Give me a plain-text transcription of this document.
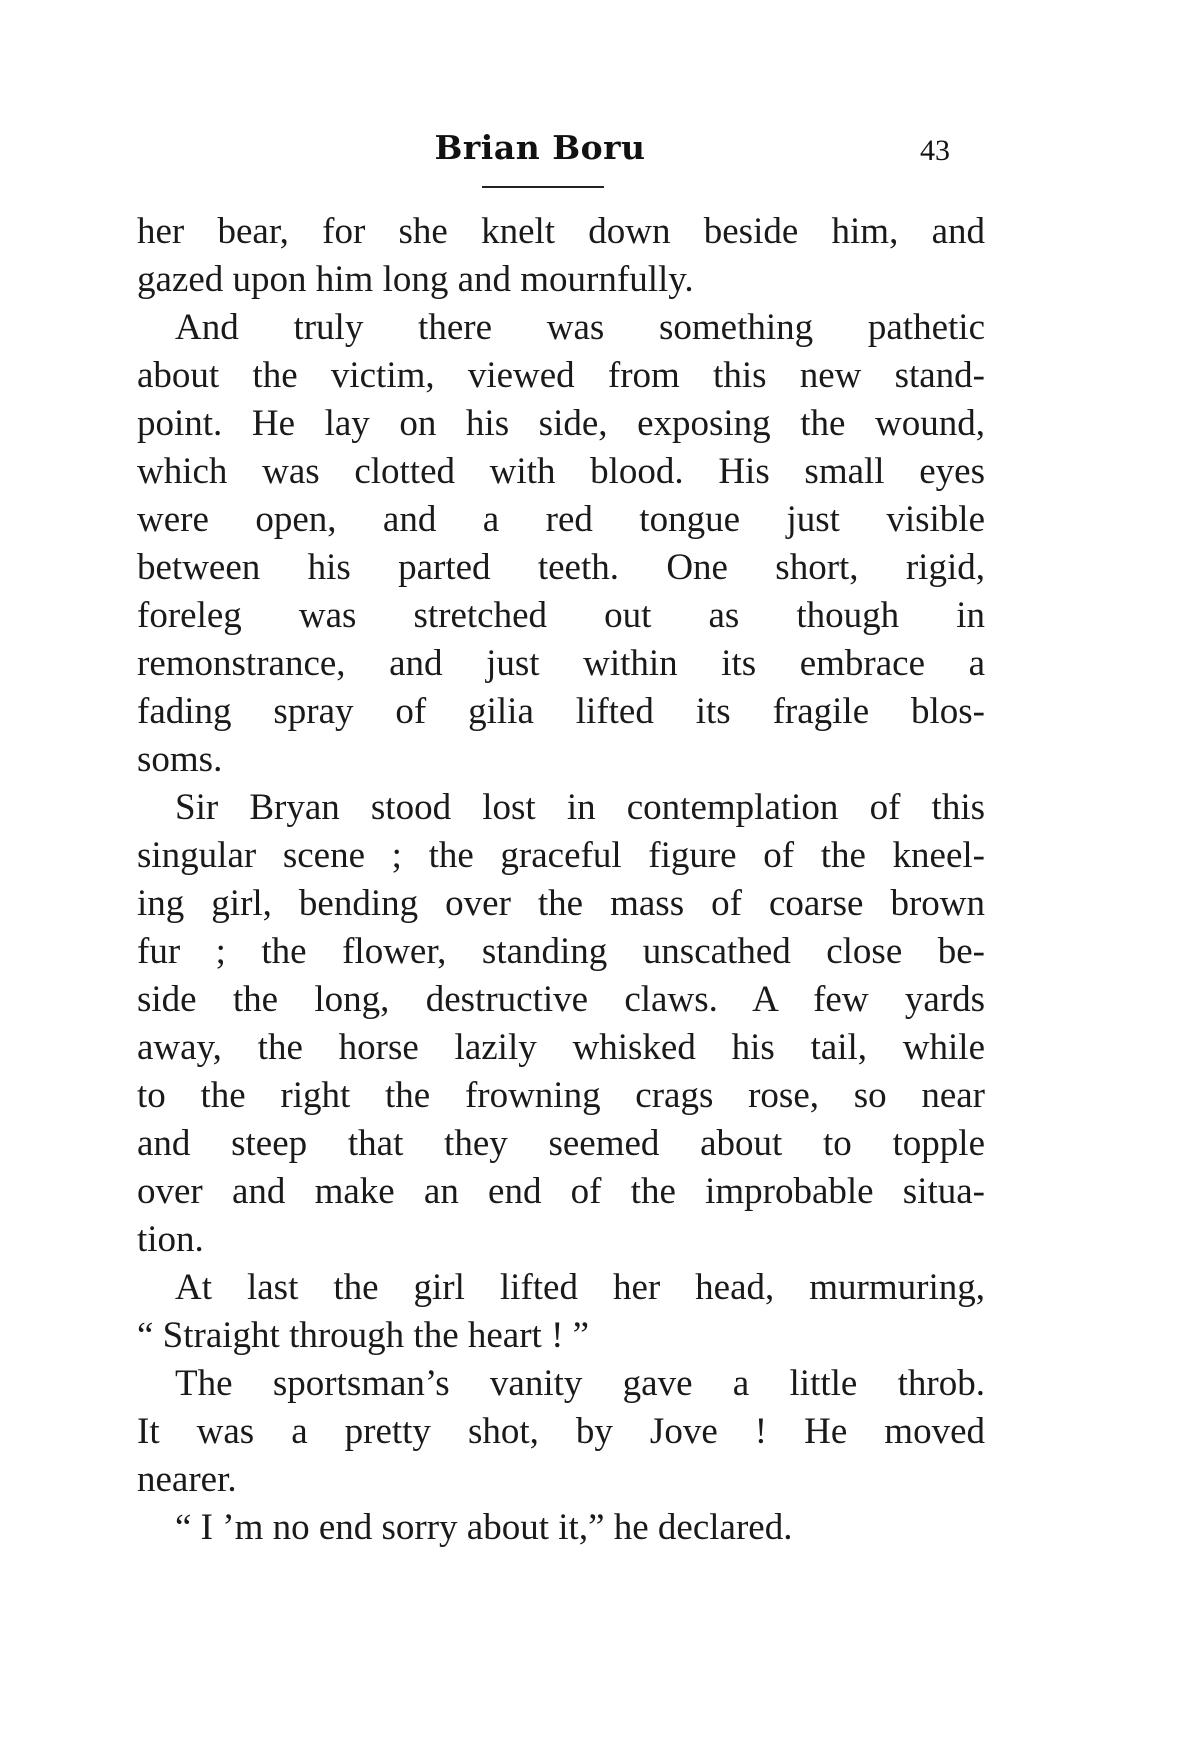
Brian Boru	43
her bear, for she knelt down beside him, and
gazed upon him long and mournfully.
And truly there was something pathetic
about the victim, viewed from this new stand-
point. He lay on his side, exposing the wound,
which was clotted with blood. His small eyes
were open, and a red tongue just visible
between his parted teeth. One short, rigid,
foreleg was stretched out as though in
remonstrance, and just within its embrace a
fading spray of gilia lifted its fragile blos-
soms.
Sir Bryan stood lost in contemplation of this
singular scene ; the graceful figure of the kneel-
ing girl, bending over the mass of coarse brown
fur ; the flower, standing unscathed close be-
side the long, destructive claws. A few yards
away, the horse lazily whisked his tail, while
to the right the frowning crags rose, so near
and steep that they seemed about to topple
over and make an end of the improbable situa-
tion.
At last the girl lifted her head, murmuring,
“ Straight through the heart ! ”
The sportsman’s vanity gave a little throb.
It was a pretty shot, by Jove ! He moved
nearer.
“ I ’m no end sorry about it,” he declared.
